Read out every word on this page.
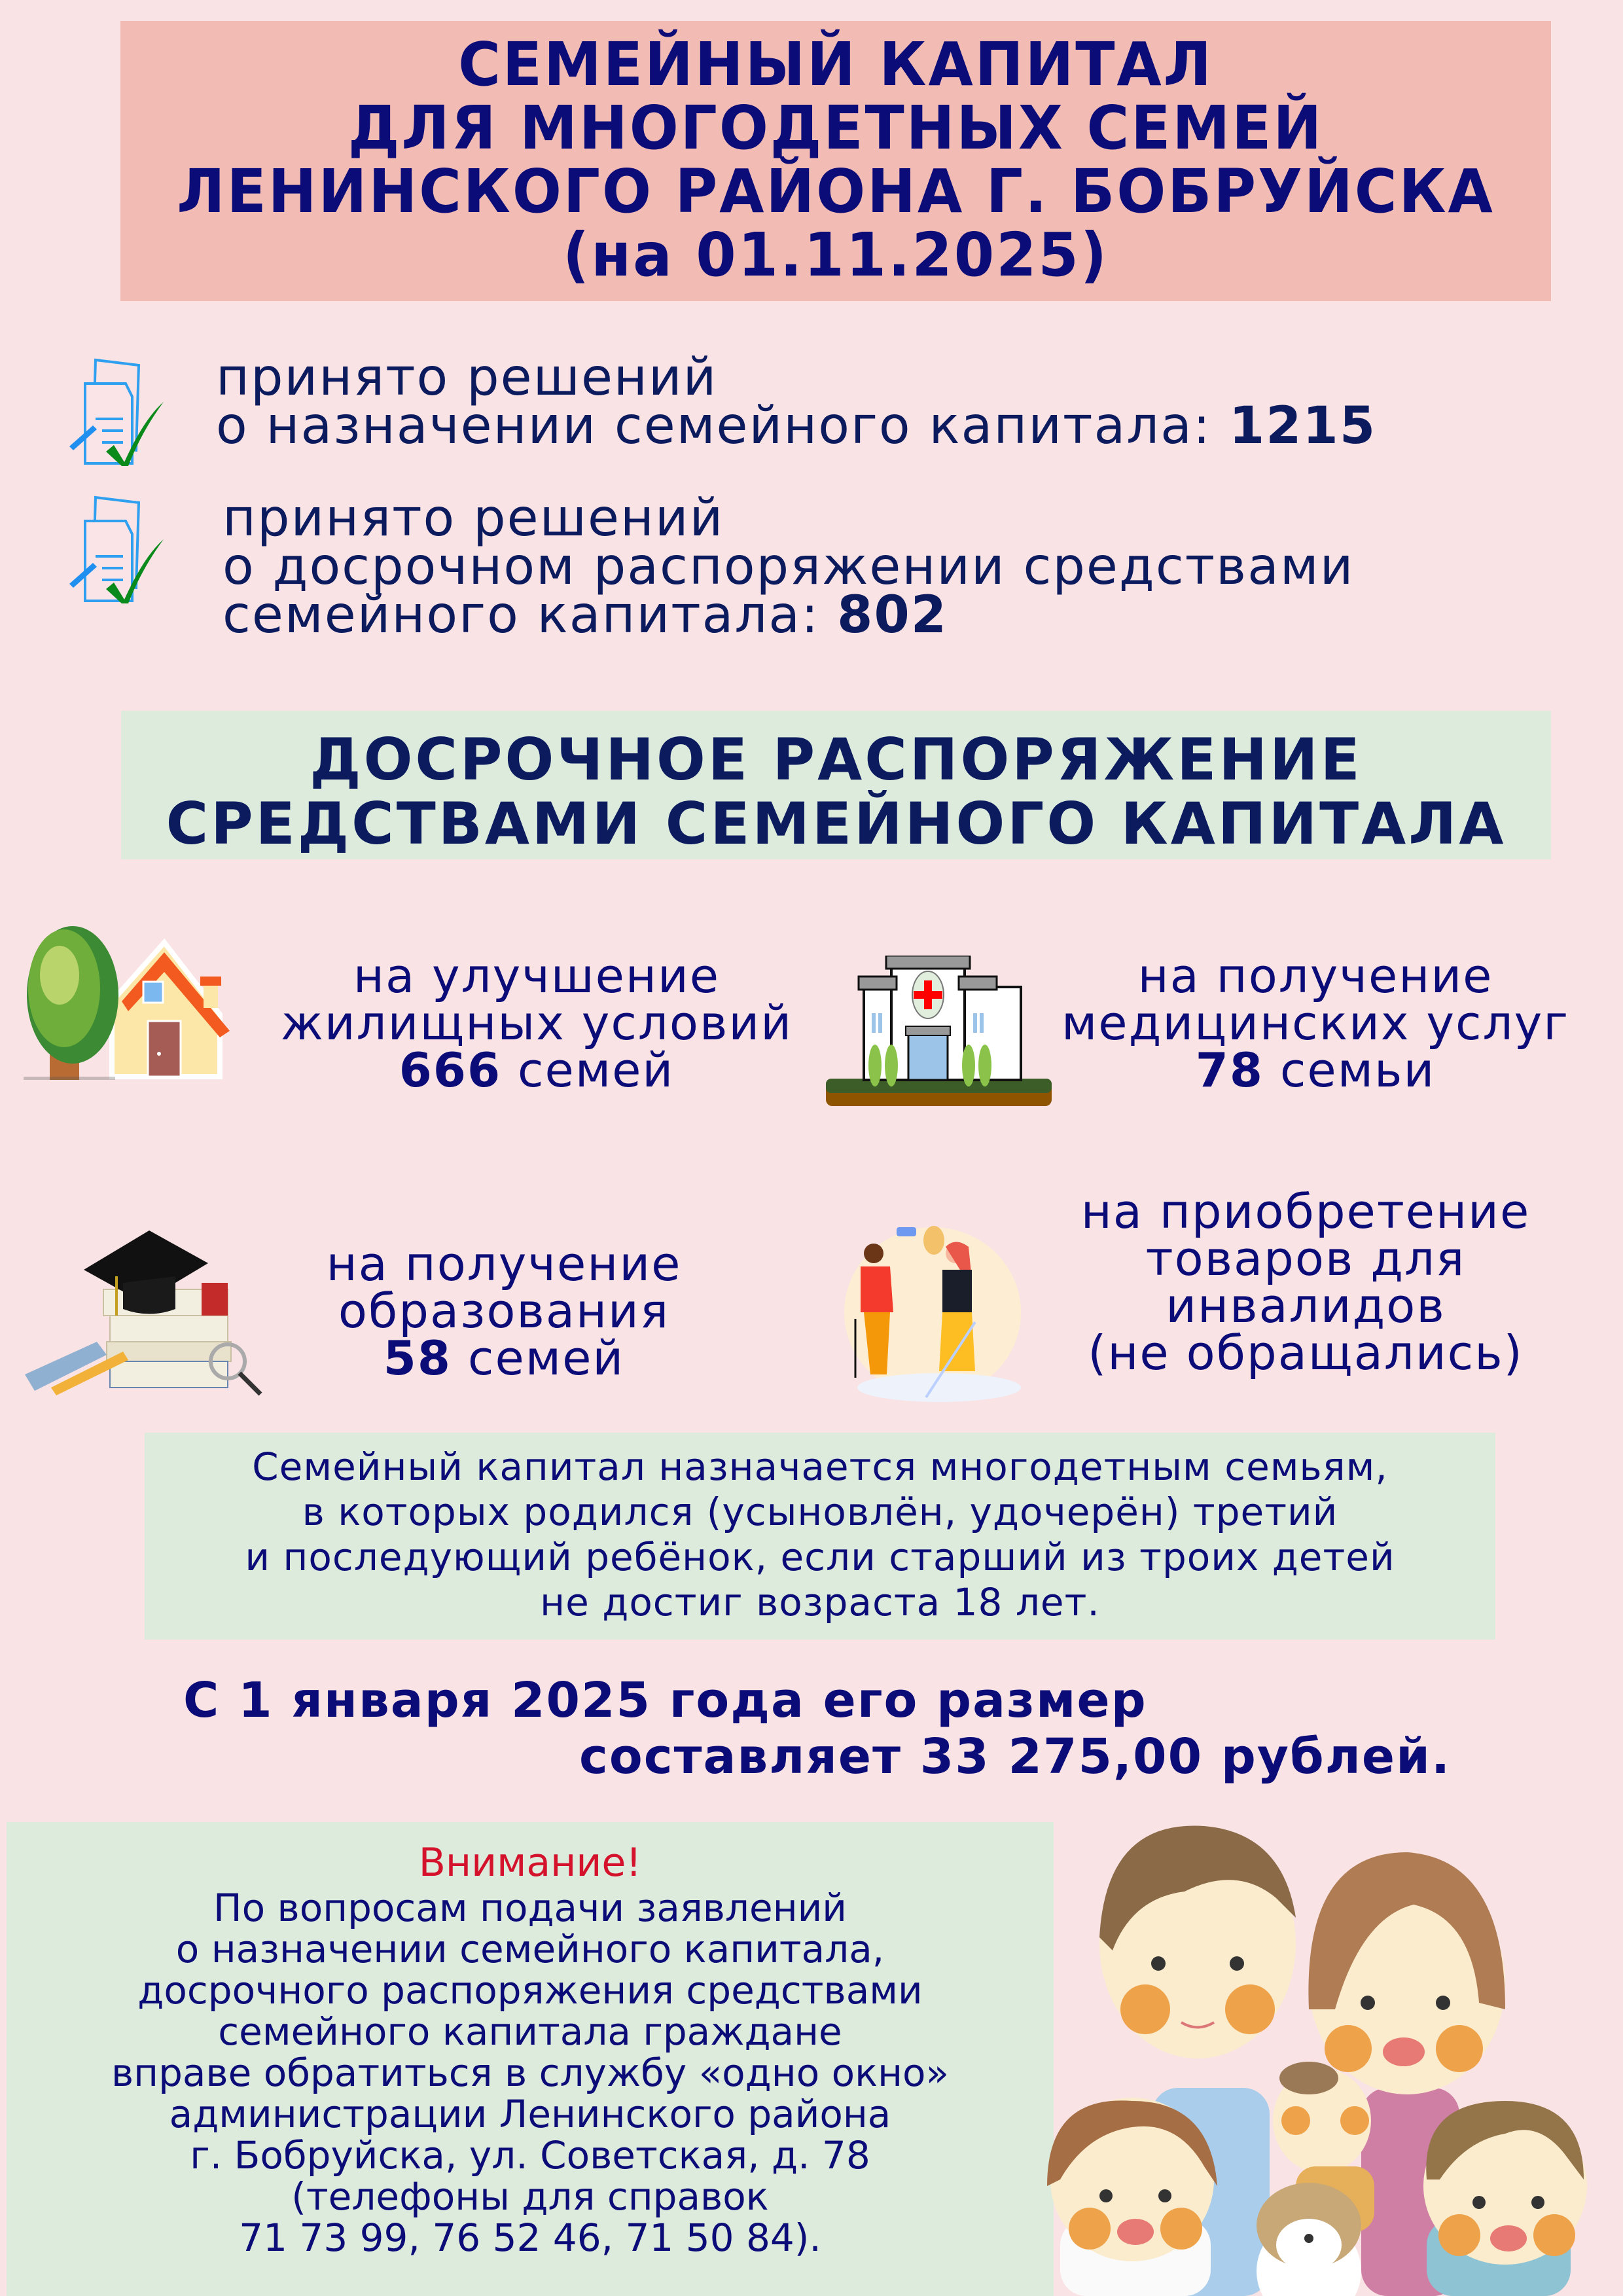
СЕМЕЙНЫЙ КАПИТАЛ
ДЛЯ МНОГОДЕТНЫХ СЕМЕЙ
ЛЕНИНСКОГО РАЙОНА Г. БОБРУЙСКА
(на 01.11.2025)
принято решений
о назначении семейного капитала: 1215
принято решений
о досрочном распоряжении средствами
семейного капитала: 802
ДОСРОЧНОЕ РАСПОРЯЖЕНИЕ
СРЕДСТВАМИ СЕМЕЙНОГО КАПИТАЛА
на улучшение
жилищных условий
666 семей
на получение
медицинских услуг
78 семьи
на получение
образования
58 семей
на приобретение
товаров для
инвалидов
(не обращались)
Семейный капитал назначается многодетным семьям,
в которых родился (усыновлён, удочерён) третий
и последующий ребёнок, если старший из троих детей
не достиг возраста 18 лет.
С 1 января 2025 года его размер
составляет 33 275,00 рублей.
Внимание!
По вопросам подачи заявлений
о назначении семейного капитала,
досрочного распоряжения средствами
семейного капитала граждане
вправе обратиться в службу «одно окно»
администрации Ленинского района
г. Бобруйска, ул. Советская, д. 78
(телефоны для справок
71 73 99, 76 52 46, 71 50 84).
